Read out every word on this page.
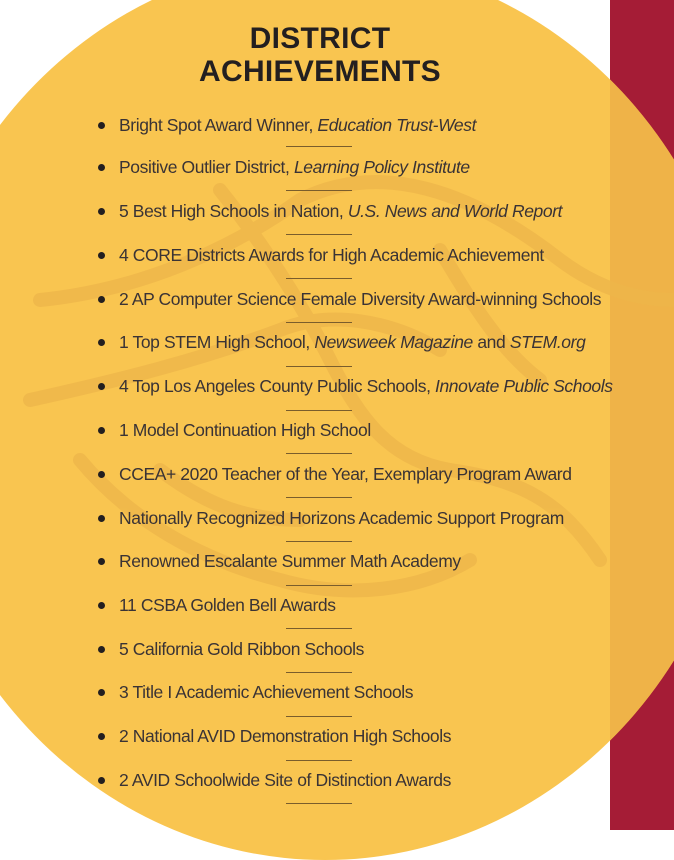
DISTRICT
ACHIEVEMENTS
Bright Spot Award Winner, Education Trust-West
Positive Outlier District, Learning Policy Institute
5 Best High Schools in Nation, U.S. News and World Report
4 CORE Districts Awards for High Academic Achievement
2 AP Computer Science Female Diversity Award-winning Schools
1 Top STEM High School, Newsweek Magazine and STEM.org
4 Top Los Angeles County Public Schools, Innovate Public Schools
1 Model Continuation High School
CCEA+ 2020 Teacher of the Year, Exemplary Program Award
Nationally Recognized Horizons Academic Support Program
Renowned Escalante Summer Math Academy
11 CSBA Golden Bell Awards
5 California Gold Ribbon Schools
3 Title I Academic Achievement Schools
2 National AVID Demonstration High Schools
2 AVID Schoolwide Site of Distinction Awards
